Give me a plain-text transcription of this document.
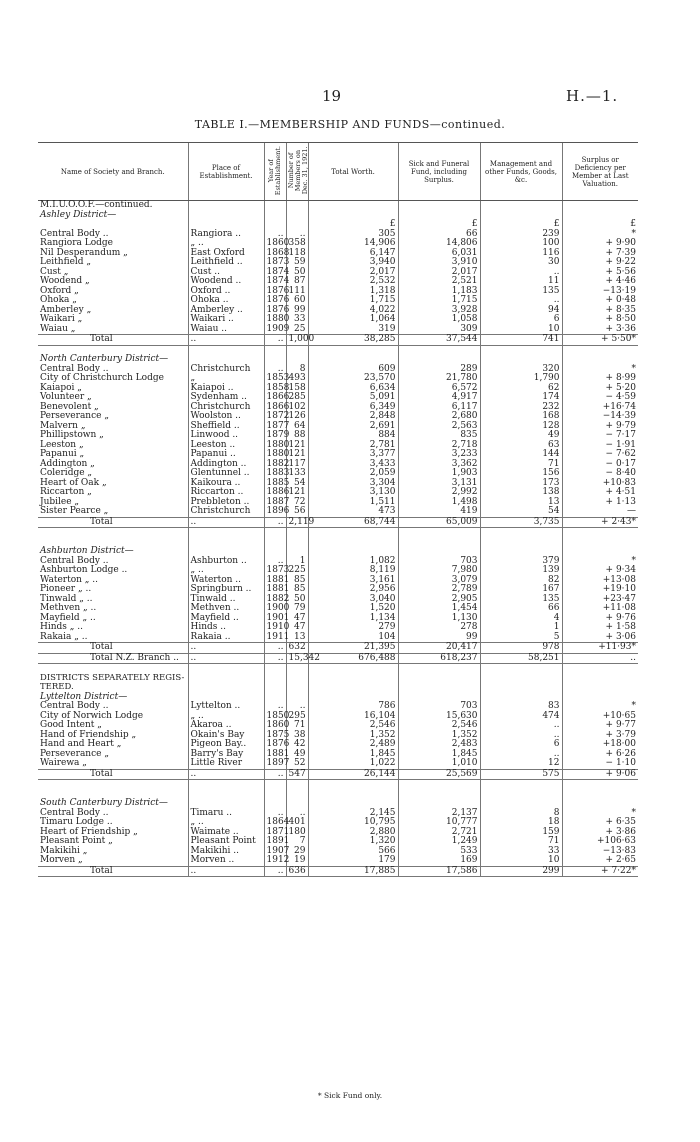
19	H.—1.
TABLE I.—MEMBERSHIP AND FUNDS—continued.
Name of Society and Branch.	Place of Establishment.	Year of Establishment.	Number of Members on Dec. 31, 1921.	Total Worth.	Sick and Funeral Fund, including Surplus.	Management and other Funds, Goods, &c.	Surplus or Deficiency per Member at Last Valuation.
M.I.U.O.O.F.—continued.							
Ashley District—							
				£	£	£	£
Central Body ..	Rangiora ..	..	..	305	66	239	*
Rangiora Lodge	„ ..	1860	358	14,906	14,806	100	+ 9·90
Nil Desperandum „	East Oxford	1868	118	6,147	6,031	116	+ 7·39
Leithfield „	Leithfield ..	1873	59	3,940	3,910	30	+ 9·22
Cust „	Cust ..	1874	50	2,017	2,017	..	+ 5·56
Woodend „	Woodend ..	1874	87	2,532	2,521	11	+ 4·46
Oxford „	Oxford ..	1876	111	1,318	1,183	135	−13·19
Ohoka „	Ohoka ..	1876	60	1,715	1,715	..	+ 0·48
Amberley „	Amberley ..	1876	99	4,022	3,928	94	+ 8·35
Waikari „	Waikari ..	1880	33	1,064	1,058	6	+ 8·50
Waiau „	Waiau ..	1909	25	319	309	10	+ 3·36
Total	..	..	1,000	38,285	37,544	741	+ 5·50*

North Canterbury District—							
Central Body ..	Christchurch	..	8	609	289	320	*
City of Christchurch Lodge	„	1853	493	23,570	21,780	1,790	+ 8·99
Kaiapoi „	Kaiapoi ..	1858	158	6,634	6,572	62	+ 5·20
Volunteer „	Sydenham ..	1866	285	5,091	4,917	174	− 4·59
Benevolent „	Christchurch	1866	102	6,349	6,117	232	+16·74
Perseverance „	Woolston ..	1872	126	2,848	2,680	168	−14·39
Malvern „	Sheffield ..	1877	64	2,691	2,563	128	+ 9·79
Phillipstown „	Linwood ..	1879	88	884	835	49	− 7·17
Leeston „	Leeston ..	1880	121	2,781	2,718	63	− 1·91
Papanui „	Papanui ..	1880	121	3,377	3,233	144	− 7·62
Addington „	Addington ..	1882	117	3,433	3,362	71	− 0·17
Coleridge „	Glentunnel ..	1883	133	2,059	1,903	156	− 8·40
Heart of Oak „	Kaikoura ..	1885	54	3,304	3,131	173	+10·83
Riccarton „	Riccarton ..	1886	121	3,130	2,992	138	+ 4·51
Jubilee „	Prebbleton ..	1887	72	1,511	1,498	13	+ 1·13
Sister Pearce „	Christchurch	1896	56	473	419	54	—
Total	..	..	2,119	68,744	65,009	3,735	+ 2·43*

Ashburton District—							
Central Body ..	Ashburton ..	..	1	1,082	703	379	*
Ashburton Lodge ..	„ ..	1873	225	8,119	7,980	139	+ 9·34
Waterton „ ..	Waterton ..	1881	85	3,161	3,079	82	+13·08
Pioneer „ ..	Springburn ..	1881	85	2,956	2,789	167	+19·10
Tinwald „ ..	Tinwald ..	1882	50	3,040	2,905	135	+23·47
Methven „ ..	Methven ..	1900	79	1,520	1,454	66	+11·08
Mayfield „ ..	Mayfield ..	1901	47	1,134	1,130	4	+ 9·76
Hinds „ ..	Hinds ..	1910	47	279	278	1	+ 1·58
Rakaia „ ..	Rakaia ..	1911	13	104	99	5	+ 3·06
Total	..	..	632	21,395	20,417	978	+11·93*
Total N.Z. Branch ..	..	..	15,342	676,488	618,237	58,251	..

DISTRICTS SEPARATELY REGIS-							
TERED.							
Lyttelton District—							
Central Body ..	Lyttelton ..	..	..	786	703	83	*
City of Norwich Lodge	„ ..	1850	295	16,104	15,630	474	+10·65
Good Intent „	Akaroa ..	1860	71	2,546	2,546	..	+ 9·77
Hand of Friendship „	Okain's Bay	1875	38	1,352	1,352	..	+ 3·79
Hand and Heart „	Pigeon Bay..	1876	42	2,489	2,483	6	+18·00
Perseverance „	Barry's Bay	1881	49	1,845	1,845	..	+ 6·26
Wairewa „	Little River	1897	52	1,022	1,010	12	− 1·10
Total	..	..	547	26,144	25,569	575	+ 9·06

South Canterbury District—							
Central Body ..	Timaru ..	..	..	2,145	2,137	8	*
Timaru Lodge ..	„ ..	1864	401	10,795	10,777	18	+ 6·35
Heart of Friendship „	Waimate ..	1871	180	2,880	2,721	159	+ 3·86
Pleasant Point „	Pleasant Point	1891	7	1,320	1,249	71	+106·63
Makikihi „	Makikihi ..	1907	29	566	533	33	−13·83
Morven „	Morven ..	1912	19	179	169	10	+ 2·65
Total	..	..	636	17,885	17,586	299	+ 7·22*
* Sick Fund only.
